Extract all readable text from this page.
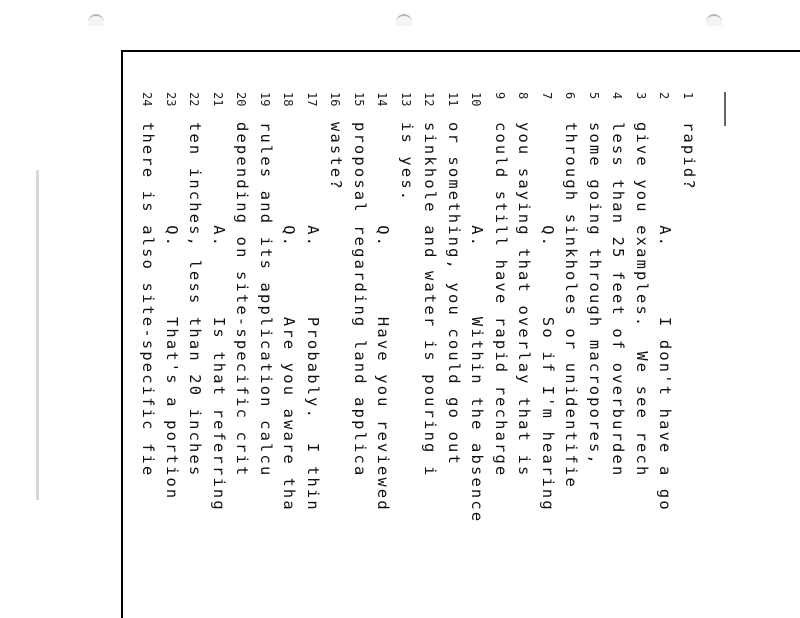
1rapid?
2         A.      I don't have a go
3give you examples.  We see rech
4less than 25 feet of overburden
5some going through macropores,
6through sinkholes or unidentifie
7         Q.      So if I'm hearing
8you saying that overlay that is
9could still have rapid recharge
10         A.      Within the absence
11or something, you could go out
12sinkhole and water is pouring i
13is yes.
14         Q.      Have you reviewed
15proposal regarding land applica
16waste?
17         A.      Probably.  I thin
18         Q.      Are you aware tha
19rules and its application calcu
20depending on site-specific crit
21         A.      Is that referring
22ten inches, less than 20 inches
23         Q.      That's a portion
24there is also site-specific fie
